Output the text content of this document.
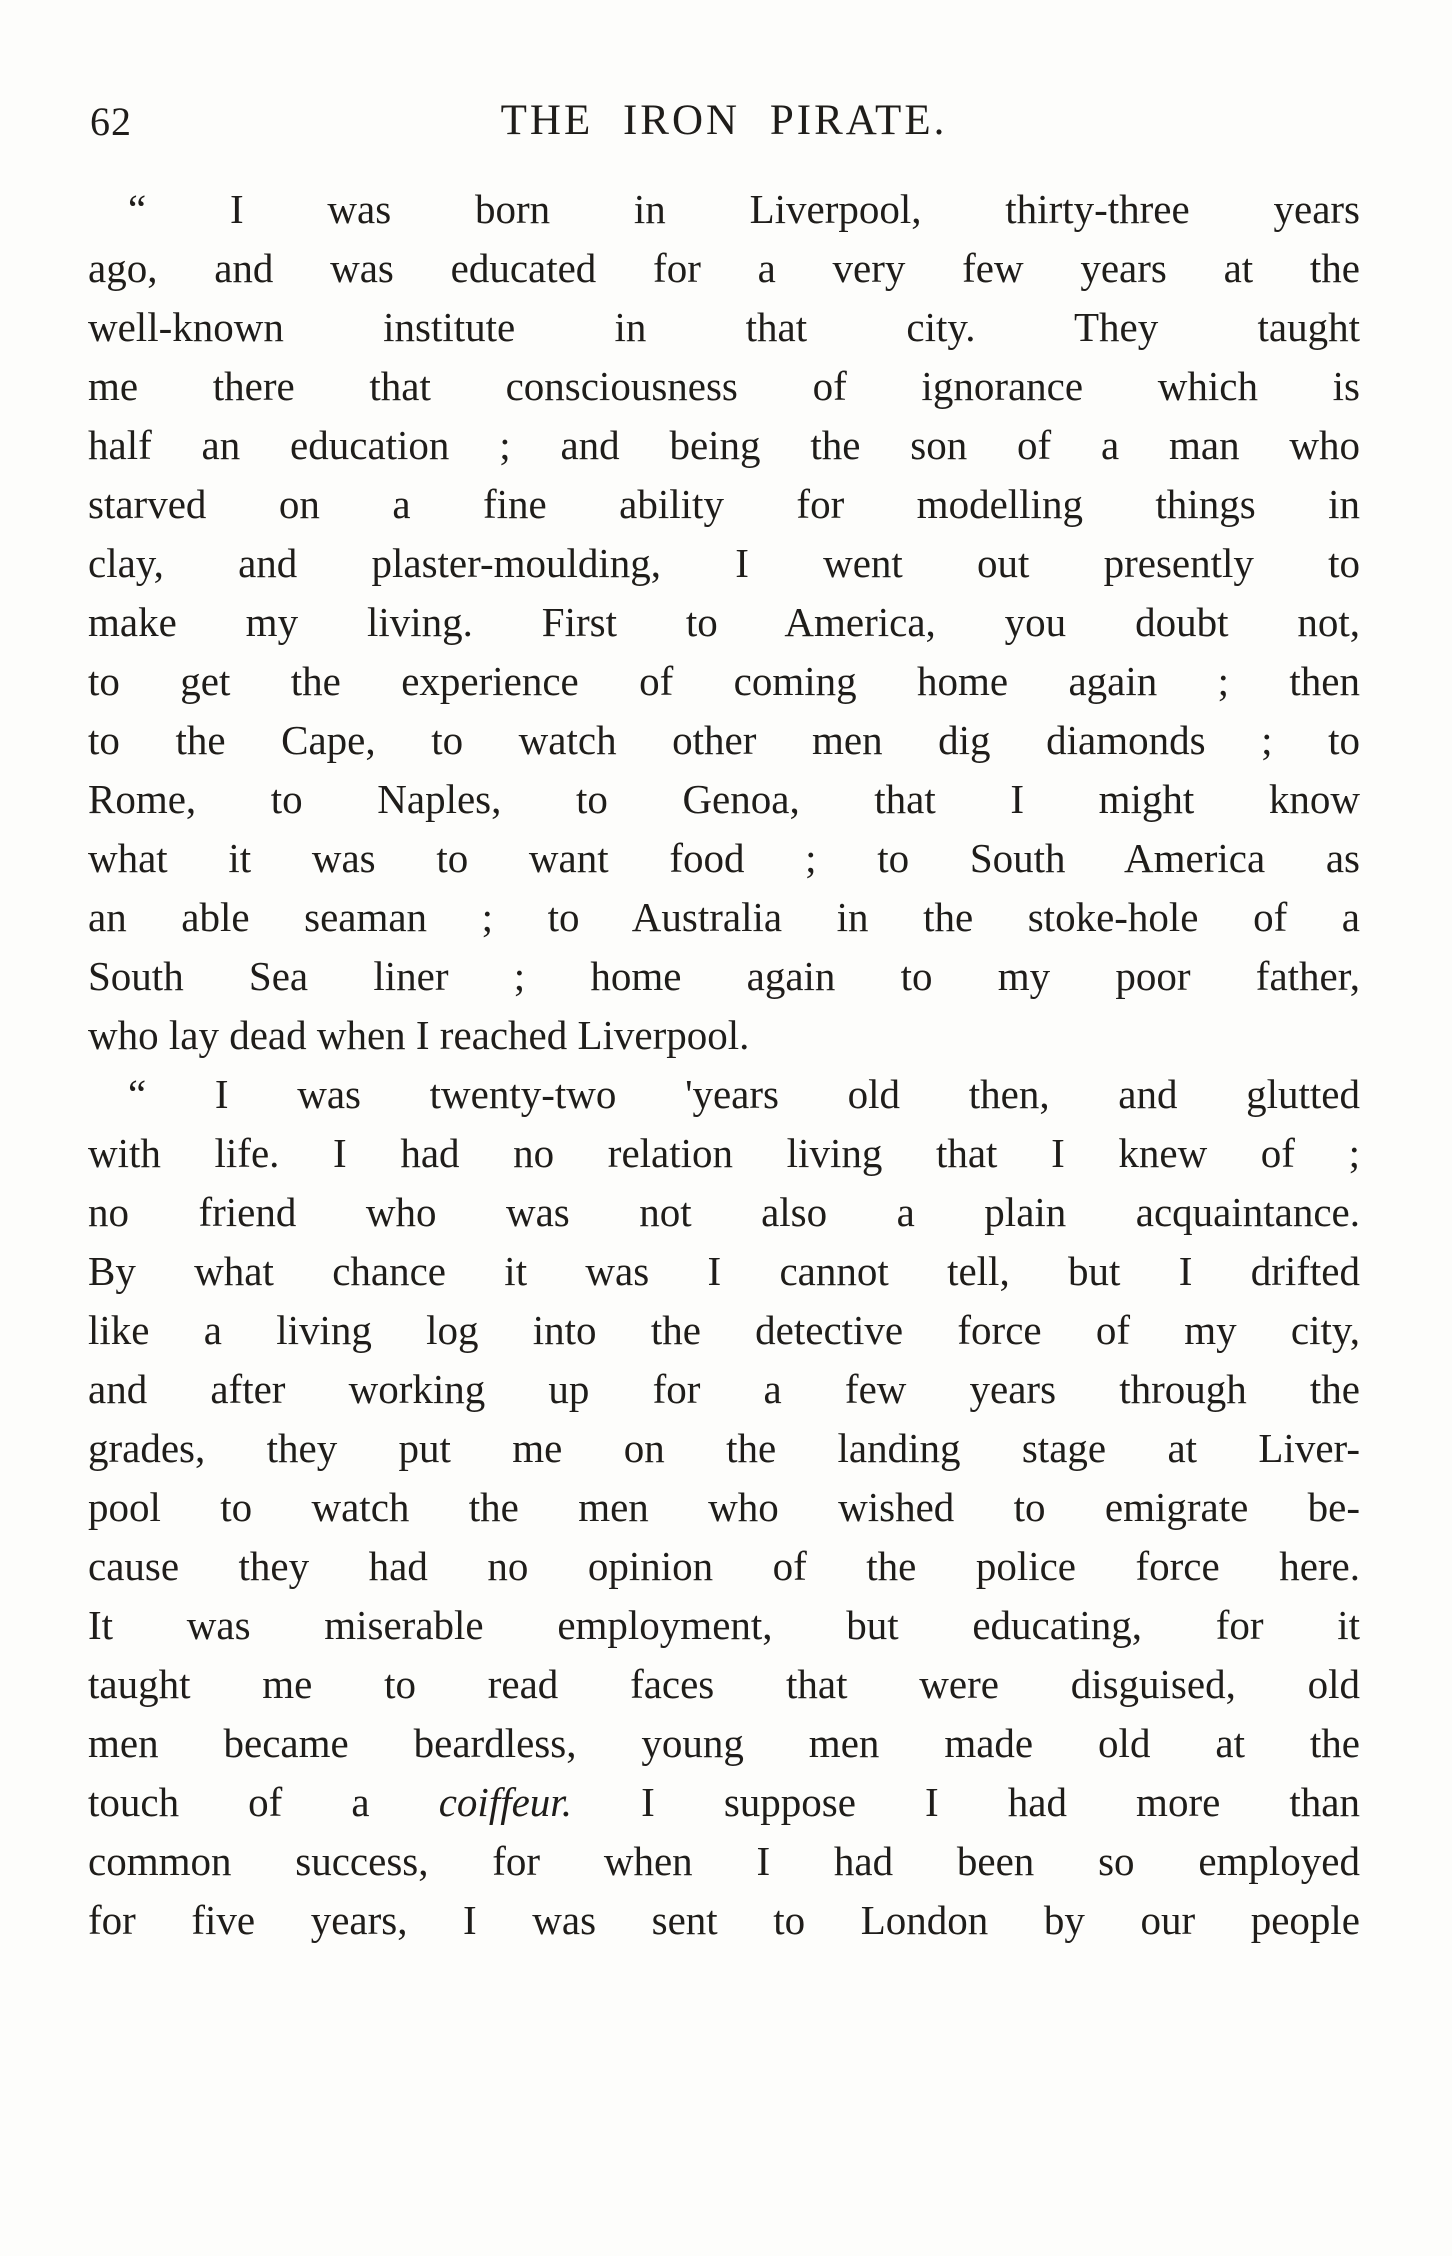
62	THE IRON PIRATE.
“ I was born in Liverpool, thirty-three years
ago, and was educated for a very few years at the
well-known institute in that city. They taught
me there that consciousness of ignorance which is
half an education ; and being the son of a man who
starved on a fine ability for modelling things in
clay, and plaster-moulding, I went out presently to
make my living. First to America, you doubt not,
to get the experience of coming home again ; then
to the Cape, to watch other men dig diamonds ; to
Rome, to Naples, to Genoa, that I might know
what it was to want food ; to South America as
an able seaman ; to Australia in the stoke-hole of a
South Sea liner ; home again to my poor father,
who lay dead when I reached Liverpool.
“ I was twenty-two 'years old then, and glutted
with life. I had no relation living that I knew of ;
no friend who was not also a plain acquaintance.
By what chance it was I cannot tell, but I drifted
like a living log into the detective force of my city,
and after working up for a few years through the
grades, they put me on the landing stage at Liver-
pool to watch the men who wished to emigrate be-
cause they had no opinion of the police force here.
It was miserable employment, but educating, for it
taught me to read faces that were disguised, old
men became beardless, young men made old at the
touch of a coiffeur. I suppose I had more than
common success, for when I had been so employed
for five years, I was sent to London by our people
